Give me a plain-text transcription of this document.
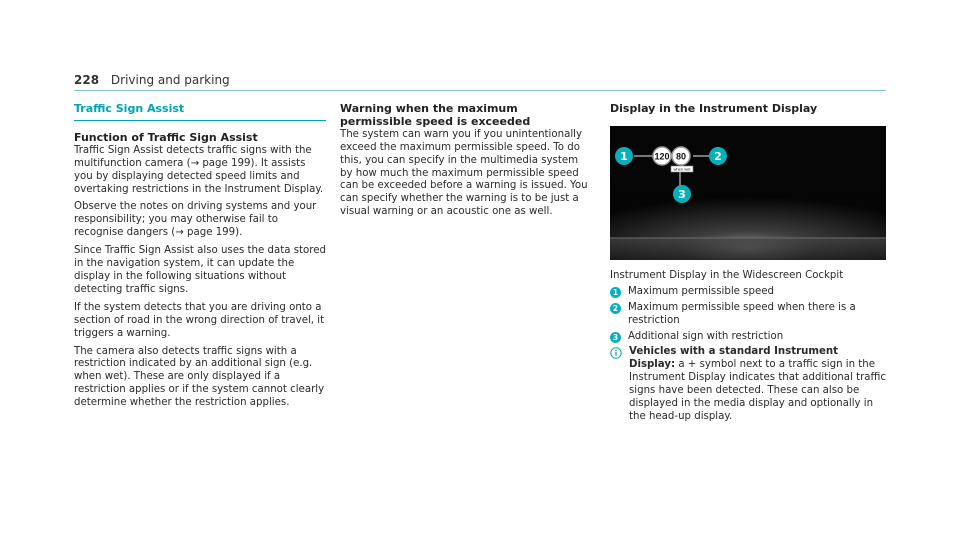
228 Driving and parking
Traffic Sign Assist
Function of Traffic Sign Assist
Traffic Sign Assist detects traffic signs with the multifunction camera (→ page 199). It assists you by displaying detected speed limits and overtaking restrictions in the Instrument Display.
Observe the notes on driving systems and your responsibility; you may otherwise fail to recognise dangers (→ page 199).
Since Traffic Sign Assist also uses the data stored in the navigation system, it can update the display in the following situations without detecting traffic signs.
If the system detects that you are driving onto a section of road in the wrong direction of travel, it triggers a warning.
The camera also detects traffic signs with a restriction indicated by an additional sign (e.g. when wet). These are only displayed if a restriction applies or if the system cannot clearly determine whether the restriction applies.
Warning when the maximum permissible speed is exceeded
The system can warn you if you unintentionally exceed the maximum permissible speed. To do this, you can specify in the multimedia system by how much the maximum permissible speed can be exceeded before a warning is issued. You can specify whether the warning is to be just a visual warning or an acoustic one as well.
Display in the Instrument Display
120 80
when wet
1	2
3
Instrument Display in the Widescreen Cockpit
1 Maximum permissible speed
2 Maximum permissible speed when there is a restriction
3 Additional sign with restriction
Vehicles with a standard Instrument Display: a + symbol next to a traffic sign in the Instrument Display indicates that additional traffic signs have been detected. These can also be displayed in the media display and optionally in the head-up display.
